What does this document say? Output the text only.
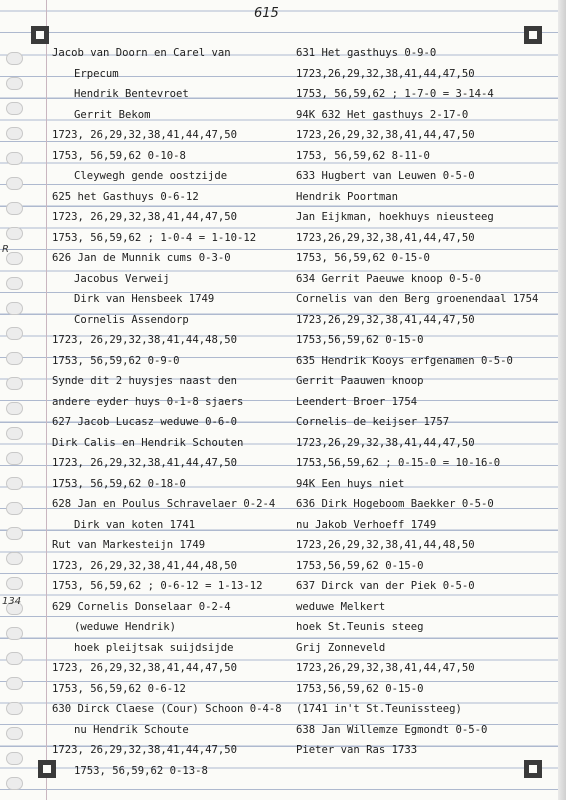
615
R
134
Jacob van Doorn en Carel van
Erpecum
Hendrik Bentevroet
Gerrit Bekom
1723, 26,29,32,38,41,44,47,50
1753, 56,59,62 0-10-8
Cleywegh gende oostzijde
625 het Gasthuys 0-6-12
1723, 26,29,32,38,41,44,47,50
1753, 56,59,62 ; 1-0-4 = 1-10-12
626 Jan de Munnik cums 0-3-0
Jacobus Verweij
Dirk van Hensbeek 1749
Cornelis Assendorp
1723, 26,29,32,38,41,44,48,50
1753, 56,59,62 0-9-0
Synde dit 2 huysjes naast den
andere eyder huys 0-1-8 sjaers
627 Jacob Lucasz weduwe 0-6-0
Dirk Calis en Hendrik Schouten
1723, 26,29,32,38,41,44,47,50
1753, 56,59,62 0-18-0
628 Jan en Poulus Schravelaer 0-2-4
Dirk van koten 1741
Rut van Markesteijn 1749
1723, 26,29,32,38,41,44,48,50
1753, 56,59,62 ; 0-6-12 = 1-13-12
629 Cornelis Donselaar 0-2-4
(weduwe Hendrik)
hoek pleijtsak suijdsijde
1723, 26,29,32,38,41,44,47,50
1753, 56,59,62 0-6-12
630 Dirck Claese (Cour) Schoon 0-4-8
nu Hendrik Schoute
1723, 26,29,32,38,41,44,47,50
1753, 56,59,62 0-13-8
631 Het gasthuys 0-9-0
1723,26,29,32,38,41,44,47,50
1753, 56,59,62 ; 1-7-0 = 3-14-4
94K 632 Het gasthuys 2-17-0
1723,26,29,32,38,41,44,47,50
1753, 56,59,62 8-11-0
633 Hugbert van Leuwen 0-5-0
Hendrik Poortman
Jan Eijkman, hoekhuys nieusteeg
1723,26,29,32,38,41,44,47,50
1753, 56,59,62 0-15-0
634 Gerrit Paeuwe knoop 0-5-0
Cornelis van den Berg groenendaal 1754
1723,26,29,32,38,41,44,47,50
1753,56,59,62 0-15-0
635 Hendrik Kooys erfgenamen 0-5-0
Gerrit Paauwen knoop
Leendert Broer 1754
Cornelis de keijser 1757
1723,26,29,32,38,41,44,47,50
1753,56,59,62 ; 0-15-0 = 10-16-0
94K Een huys niet
636 Dirk Hogeboom Baekker 0-5-0
nu Jakob Verhoeff 1749
1723,26,29,32,38,41,44,48,50
1753,56,59,62 0-15-0
637 Dirck van der Piek 0-5-0
weduwe Melkert
hoek St.Teunis steeg
Grij Zonneveld
1723,26,29,32,38,41,44,47,50
1753,56,59,62 0-15-0
(1741 in't St.Teunissteeg)
638 Jan Willemze Egmondt 0-5-0
Pieter van Ras 1733
